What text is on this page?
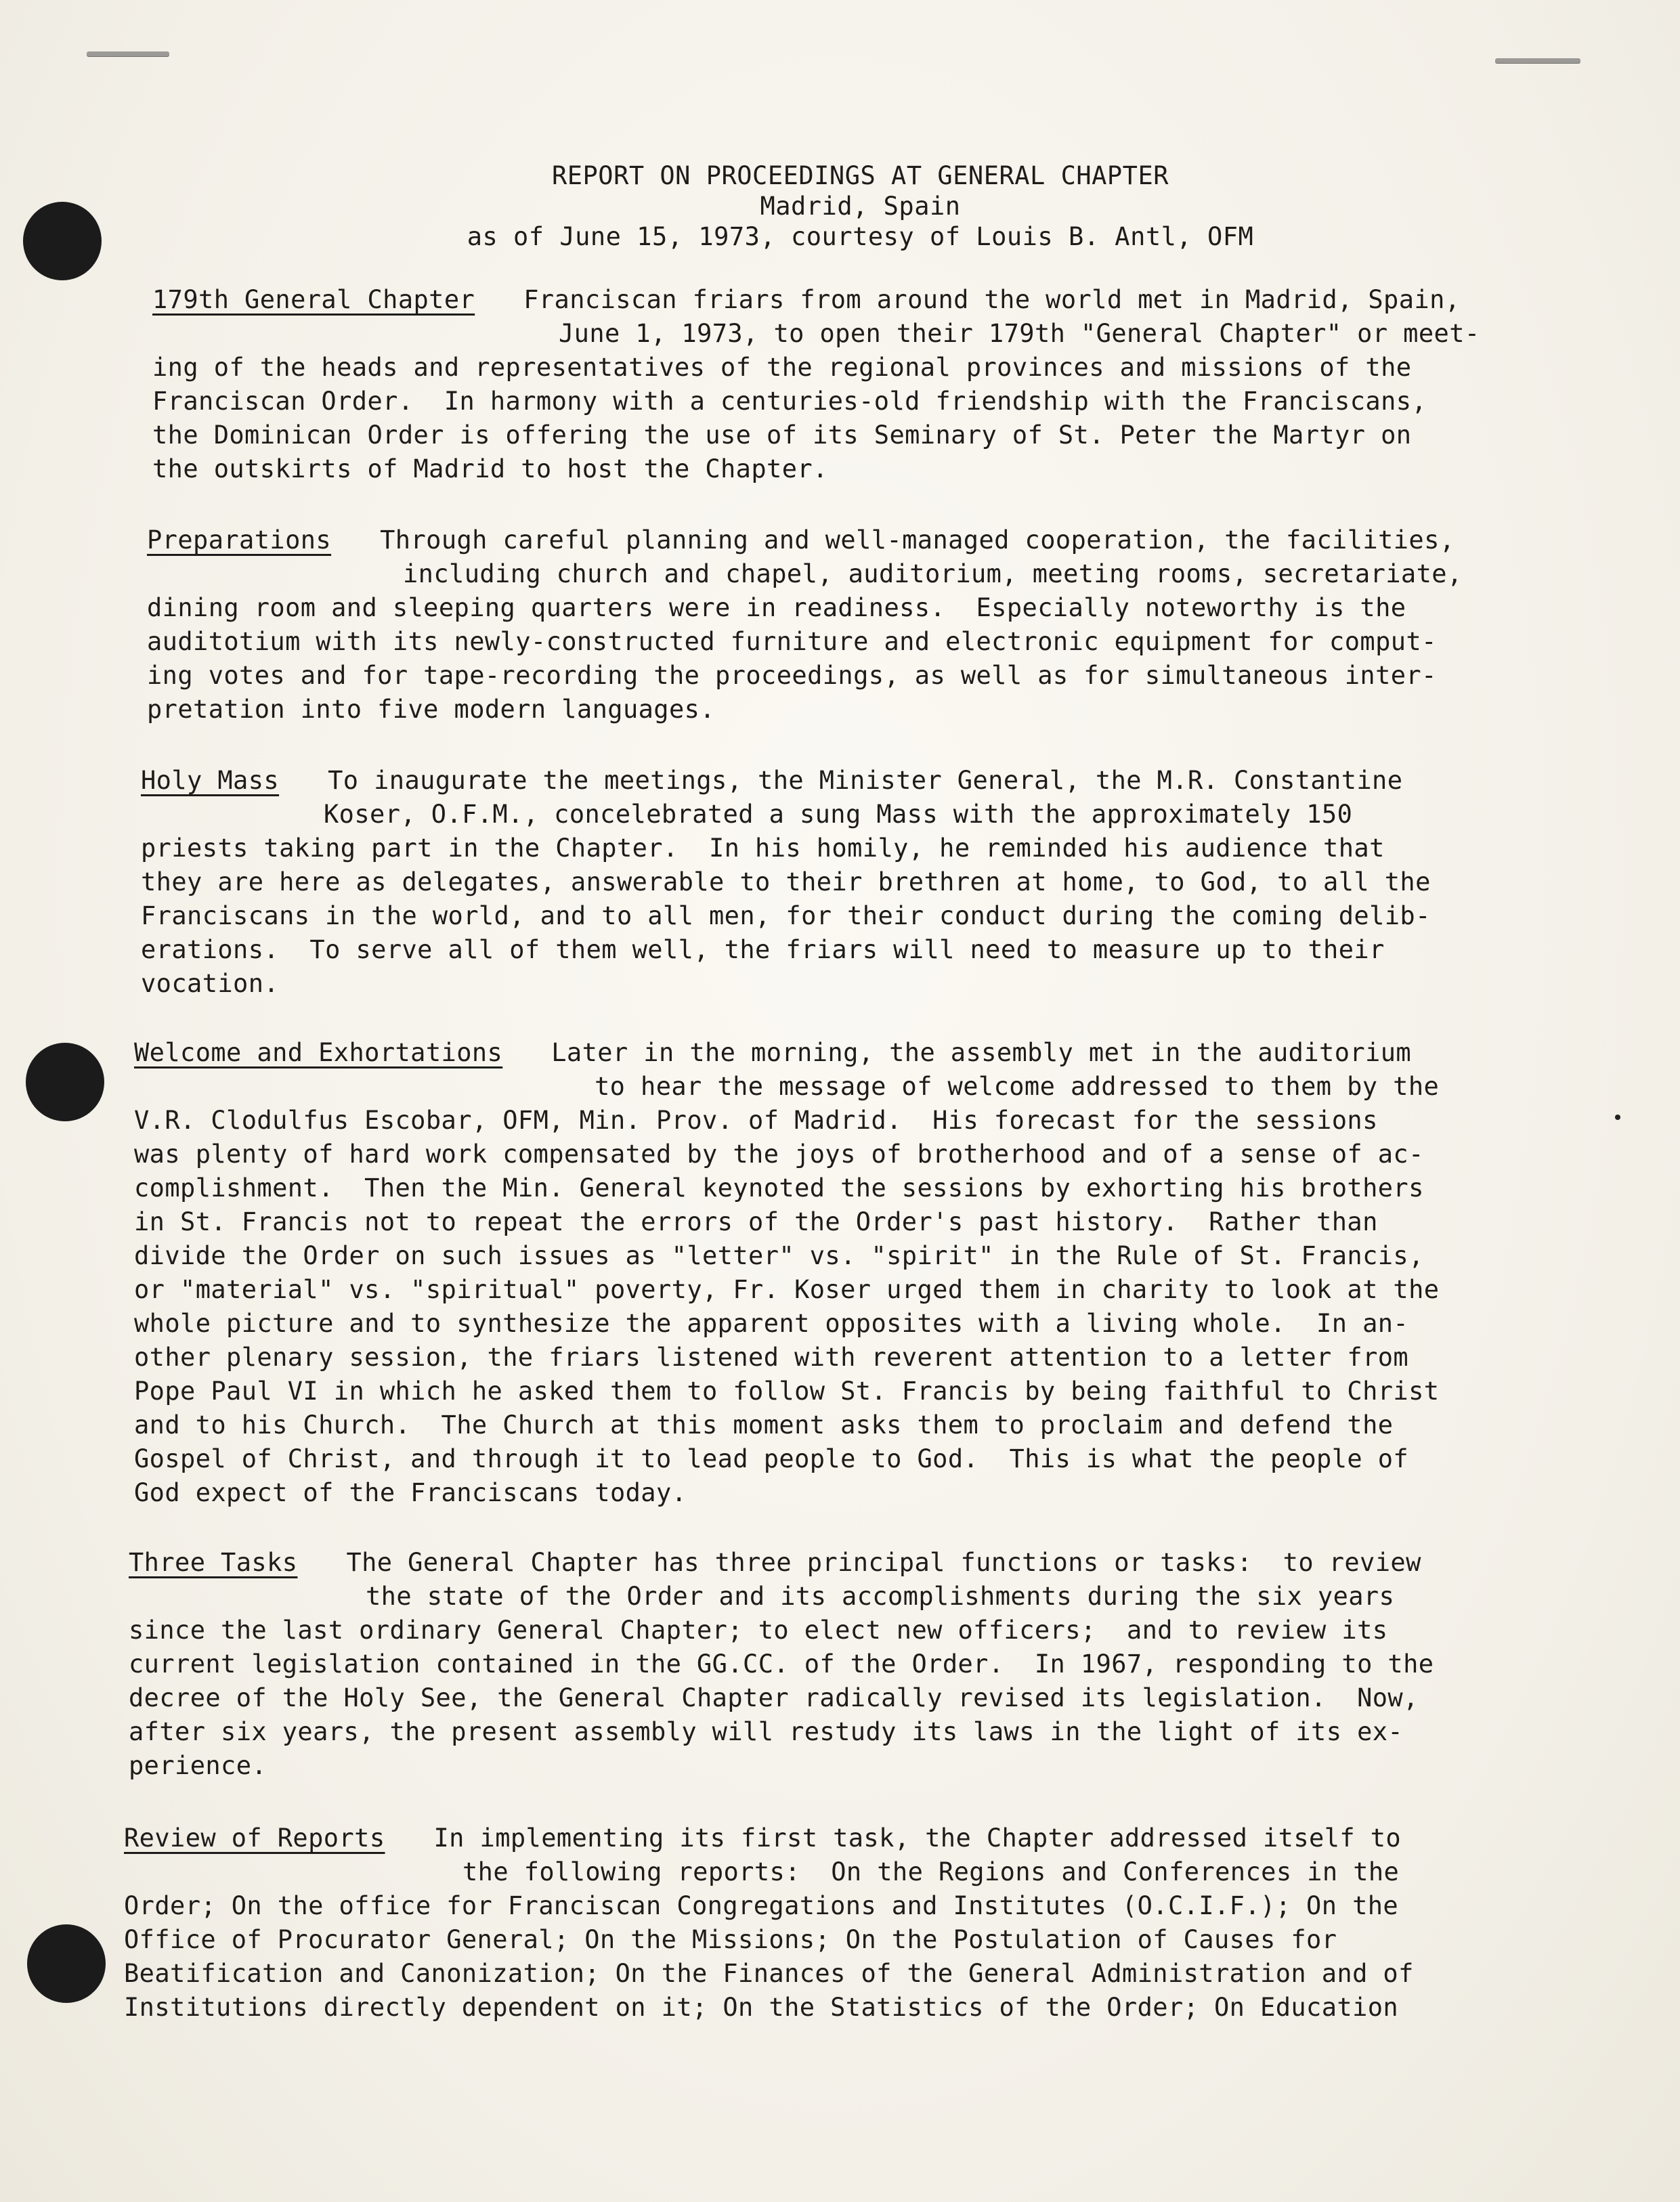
REPORT ON PROCEEDINGS AT GENERAL CHAPTER
Madrid, Spain
as of June 15, 1973, courtesy of Louis B. Antl, OFM
179th General Chapter Franciscan friars from around the world met in Madrid, Spain,
June 1, 1973, to open their 179th "General Chapter" or meet-
ing of the heads and representatives of the regional provinces and missions of the
Franciscan Order.  In harmony with a centuries-old friendship with the Franciscans,
the Dominican Order is offering the use of its Seminary of St. Peter the Martyr on
the outskirts of Madrid to host the Chapter.
Preparations Through careful planning and well-managed cooperation, the facilities,
including church and chapel, auditorium, meeting rooms, secretariate,
dining room and sleeping quarters were in readiness.  Especially noteworthy is the
auditotium with its newly-constructed furniture and electronic equipment for comput-
ing votes and for tape-recording the proceedings, as well as for simultaneous inter-
pretation into five modern languages.
Holy Mass To inaugurate the meetings, the Minister General, the M.R. Constantine
Koser, O.F.M., concelebrated a sung Mass with the approximately 150
priests taking part in the Chapter.  In his homily, he reminded his audience that
they are here as delegates, answerable to their brethren at home, to God, to all the
Franciscans in the world, and to all men, for their conduct during the coming delib-
erations.  To serve all of them well, the friars will need to measure up to their
vocation.
Welcome and Exhortations Later in the morning, the assembly met in the auditorium
to hear the message of welcome addressed to them by the
V.R. Clodulfus Escobar, OFM, Min. Prov. of Madrid.  His forecast for the sessions
was plenty of hard work compensated by the joys of brotherhood and of a sense of ac-
complishment.  Then the Min. General keynoted the sessions by exhorting his brothers
in St. Francis not to repeat the errors of the Order's past history.  Rather than
divide the Order on such issues as "letter" vs. "spirit" in the Rule of St. Francis,
or "material" vs. "spiritual" poverty, Fr. Koser urged them in charity to look at the
whole picture and to synthesize the apparent opposites with a living whole.  In an-
other plenary session, the friars listened with reverent attention to a letter from
Pope Paul VI in which he asked them to follow St. Francis by being faithful to Christ
and to his Church.  The Church at this moment asks them to proclaim and defend the
Gospel of Christ, and through it to lead people to God.  This is what the people of
God expect of the Franciscans today.
Three Tasks The General Chapter has three principal functions or tasks:  to review
the state of the Order and its accomplishments during the six years
since the last ordinary General Chapter; to elect new officers;  and to review its
current legislation contained in the GG.CC. of the Order.  In 1967, responding to the
decree of the Holy See, the General Chapter radically revised its legislation.  Now,
after six years, the present assembly will restudy its laws in the light of its ex-
perience.
Review of Reports In implementing its first task, the Chapter addressed itself to
the following reports:  On the Regions and Conferences in the
Order; On the office for Franciscan Congregations and Institutes (O.C.I.F.); On the
Office of Procurator General; On the Missions; On the Postulation of Causes for
Beatification and Canonization; On the Finances of the General Administration and of
Institutions directly dependent on it; On the Statistics of the Order; On Education
